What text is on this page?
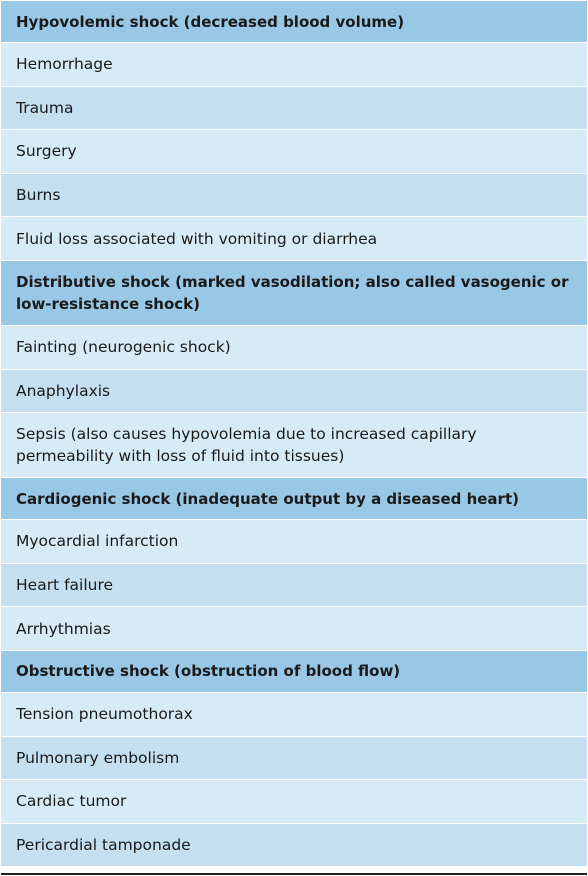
Hypovolemic shock (decreased blood volume)
Hemorrhage
Trauma
Surgery
Burns
Fluid loss associated with vomiting or diarrhea
Distributive shock (marked vasodilation; also called vasogenic or low-resistance shock)
Fainting (neurogenic shock)
Anaphylaxis
Sepsis (also causes hypovolemia due to increased capillary permeability with loss of fluid into tissues)
Cardiogenic shock (inadequate output by a diseased heart)
Myocardial infarction
Heart failure
Arrhythmias
Obstructive shock (obstruction of blood flow)
Tension pneumothorax
Pulmonary embolism
Cardiac tumor
Pericardial tamponade
